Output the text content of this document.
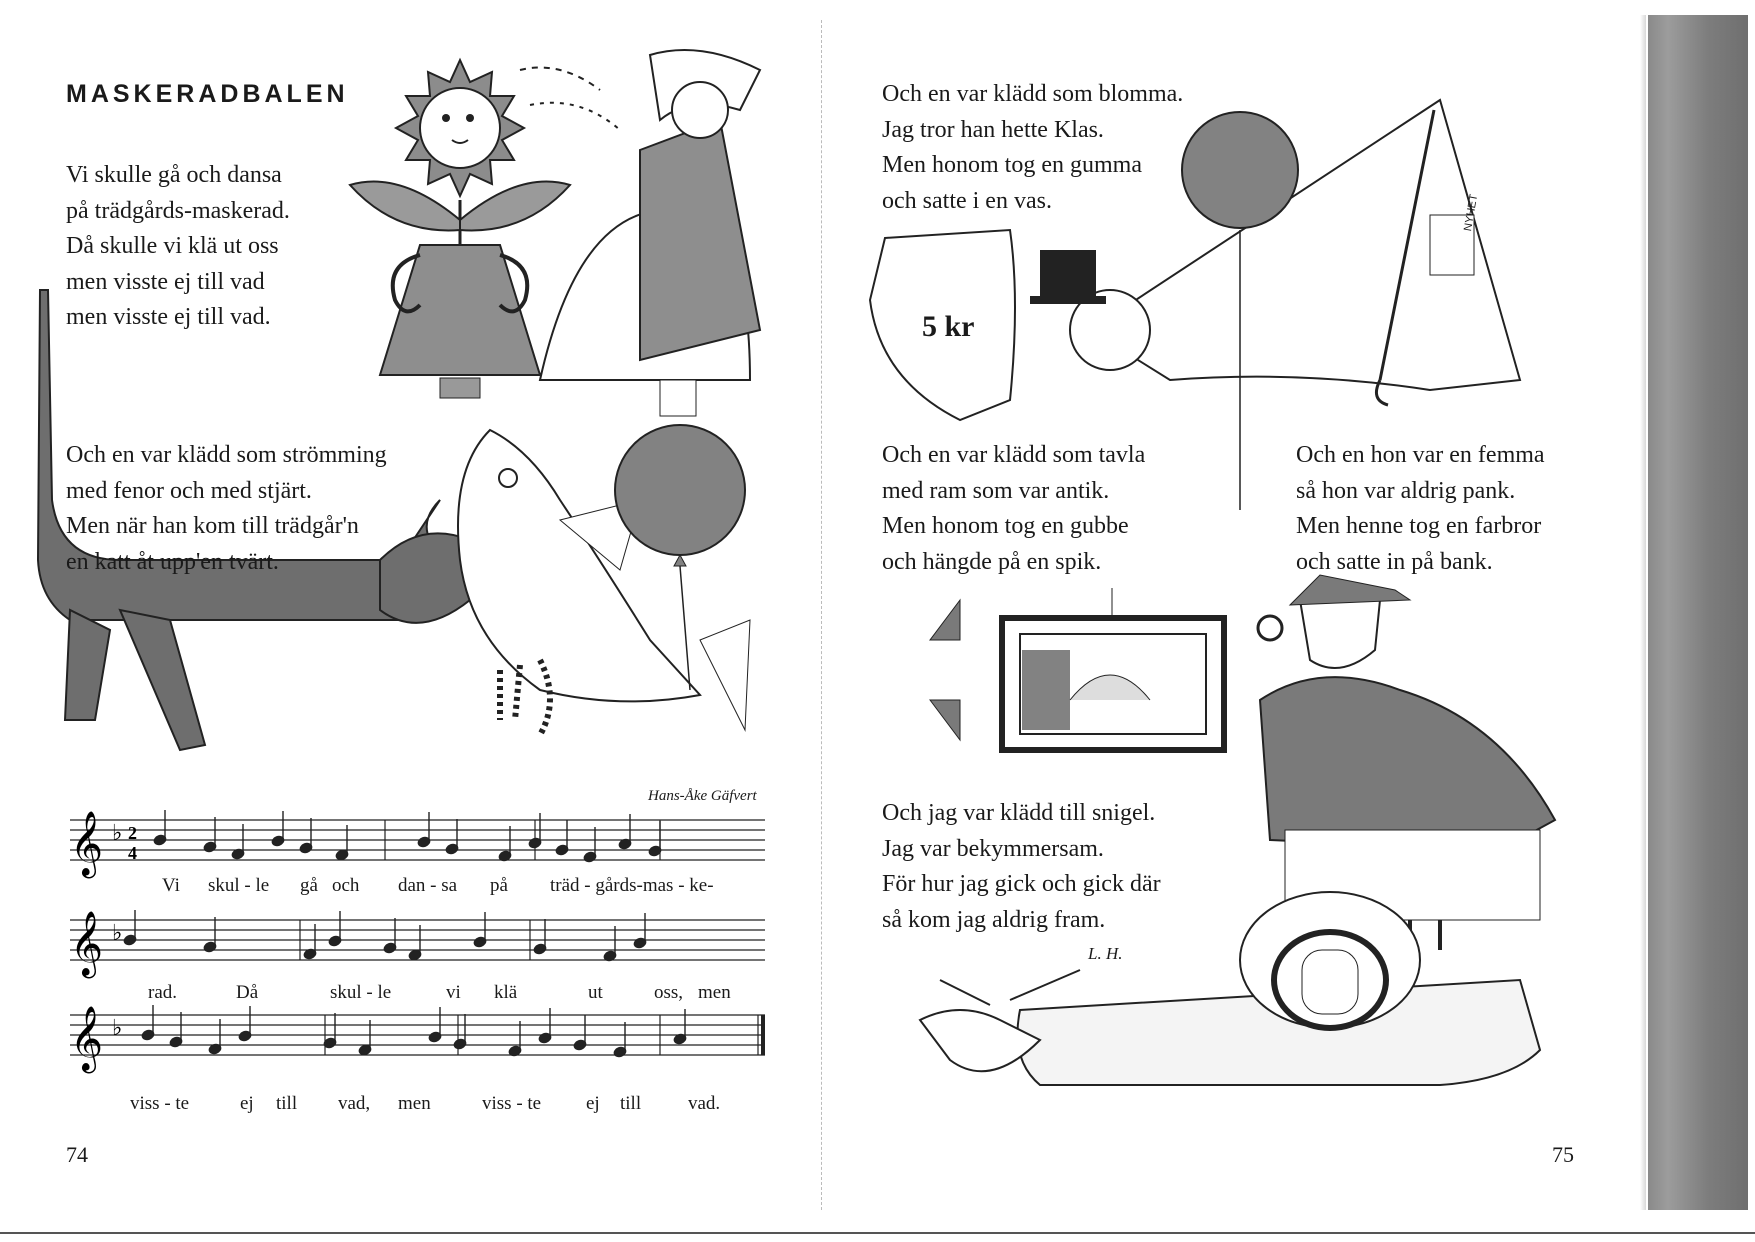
MASKERADBALEN

Vi skulle gå och dansa
på trädgårds-maskerad.
Då skulle vi klä ut oss
men visste ej till vad
men visste ej till vad.

Och en var klädd som strömming
med fenor och med stjärt.
Men när han kom till trädgår'n
en katt åt upp'en tvärt.

Hans-Åke Gäfvert
𝄞 ♭ 2
4
𝄞 ♭
𝄞 ♭
Vi skul - le gå och dan - sa på träd - gårds-mas - ke-
rad.	Då	skul - le	vi klä	ut	oss, men
viss - te	ej till vad, men	viss - te ej till vad.
74

Och en var klädd som blomma.
Jag tror han hette Klas.
Men honom tog en gumma
och satte i en vas.

5 kr
NYHET

Och en var klädd som tavla
med ram som var antik.
Men honom tog en gubbe
och hängde på en spik.

Och en hon var en femma
så hon var aldrig pank.
Men henne tog en farbror
och satte in på bank.

Och jag var klädd till snigel.
Jag var bekymmersam.
För hur jag gick och gick där
så kom jag aldrig fram.

L. H.
75
